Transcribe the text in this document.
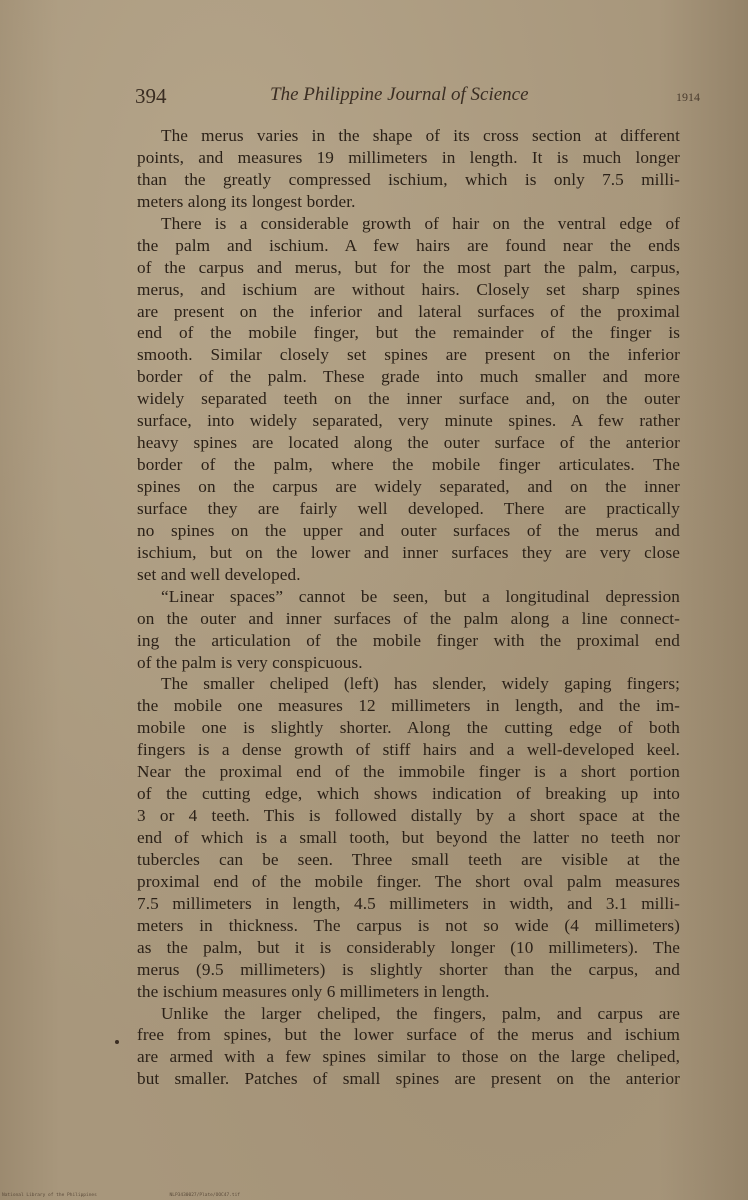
394	The Philippine Journal of Science	1914
The merus varies in the shape of its cross section at different
points, and measures 19 millimeters in length. It is much longer
than the greatly compressed ischium, which is only 7.5 milli-
meters along its longest border.
There is a considerable growth of hair on the ventral edge of
the palm and ischium. A few hairs are found near the ends
of the carpus and merus, but for the most part the palm, carpus,
merus, and ischium are without hairs. Closely set sharp spines
are present on the inferior and lateral surfaces of the proximal
end of the mobile finger, but the remainder of the finger is
smooth. Similar closely set spines are present on the inferior
border of the palm. These grade into much smaller and more
widely separated teeth on the inner surface and, on the outer
surface, into widely separated, very minute spines. A few rather
heavy spines are located along the outer surface of the anterior
border of the palm, where the mobile finger articulates. The
spines on the carpus are widely separated, and on the inner
surface they are fairly well developed. There are practically
no spines on the upper and outer surfaces of the merus and
ischium, but on the lower and inner surfaces they are very close
set and well developed.
“Linear spaces” cannot be seen, but a longitudinal depression
on the outer and inner surfaces of the palm along a line connect-
ing the articulation of the mobile finger with the proximal end
of the palm is very conspicuous.
The smaller cheliped (left) has slender, widely gaping fingers;
the mobile one measures 12 millimeters in length, and the im-
mobile one is slightly shorter. Along the cutting edge of both
fingers is a dense growth of stiff hairs and a well-developed keel.
Near the proximal end of the immobile finger is a short portion
of the cutting edge, which shows indication of breaking up into
3 or 4 teeth. This is followed distally by a short space at the
end of which is a small tooth, but beyond the latter no teeth nor
tubercles can be seen. Three small teeth are visible at the
proximal end of the mobile finger. The short oval palm measures
7.5 millimeters in length, 4.5 millimeters in width, and 3.1 milli-
meters in thickness. The carpus is not so wide (4 millimeters)
as the palm, but it is considerably longer (10 millimeters). The
merus (9.5 millimeters) is slightly shorter than the carpus, and
the ischium measures only 6 millimeters in length.
Unlike the larger cheliped, the fingers, palm, and carpus are
free from spines, but the lower surface of the merus and ischium
are armed with a few spines similar to those on the large cheliped,
but smaller. Patches of small spines are present on the anterior
National Library of the Philippines	NLP3430027/Plate/OOC47.tif
